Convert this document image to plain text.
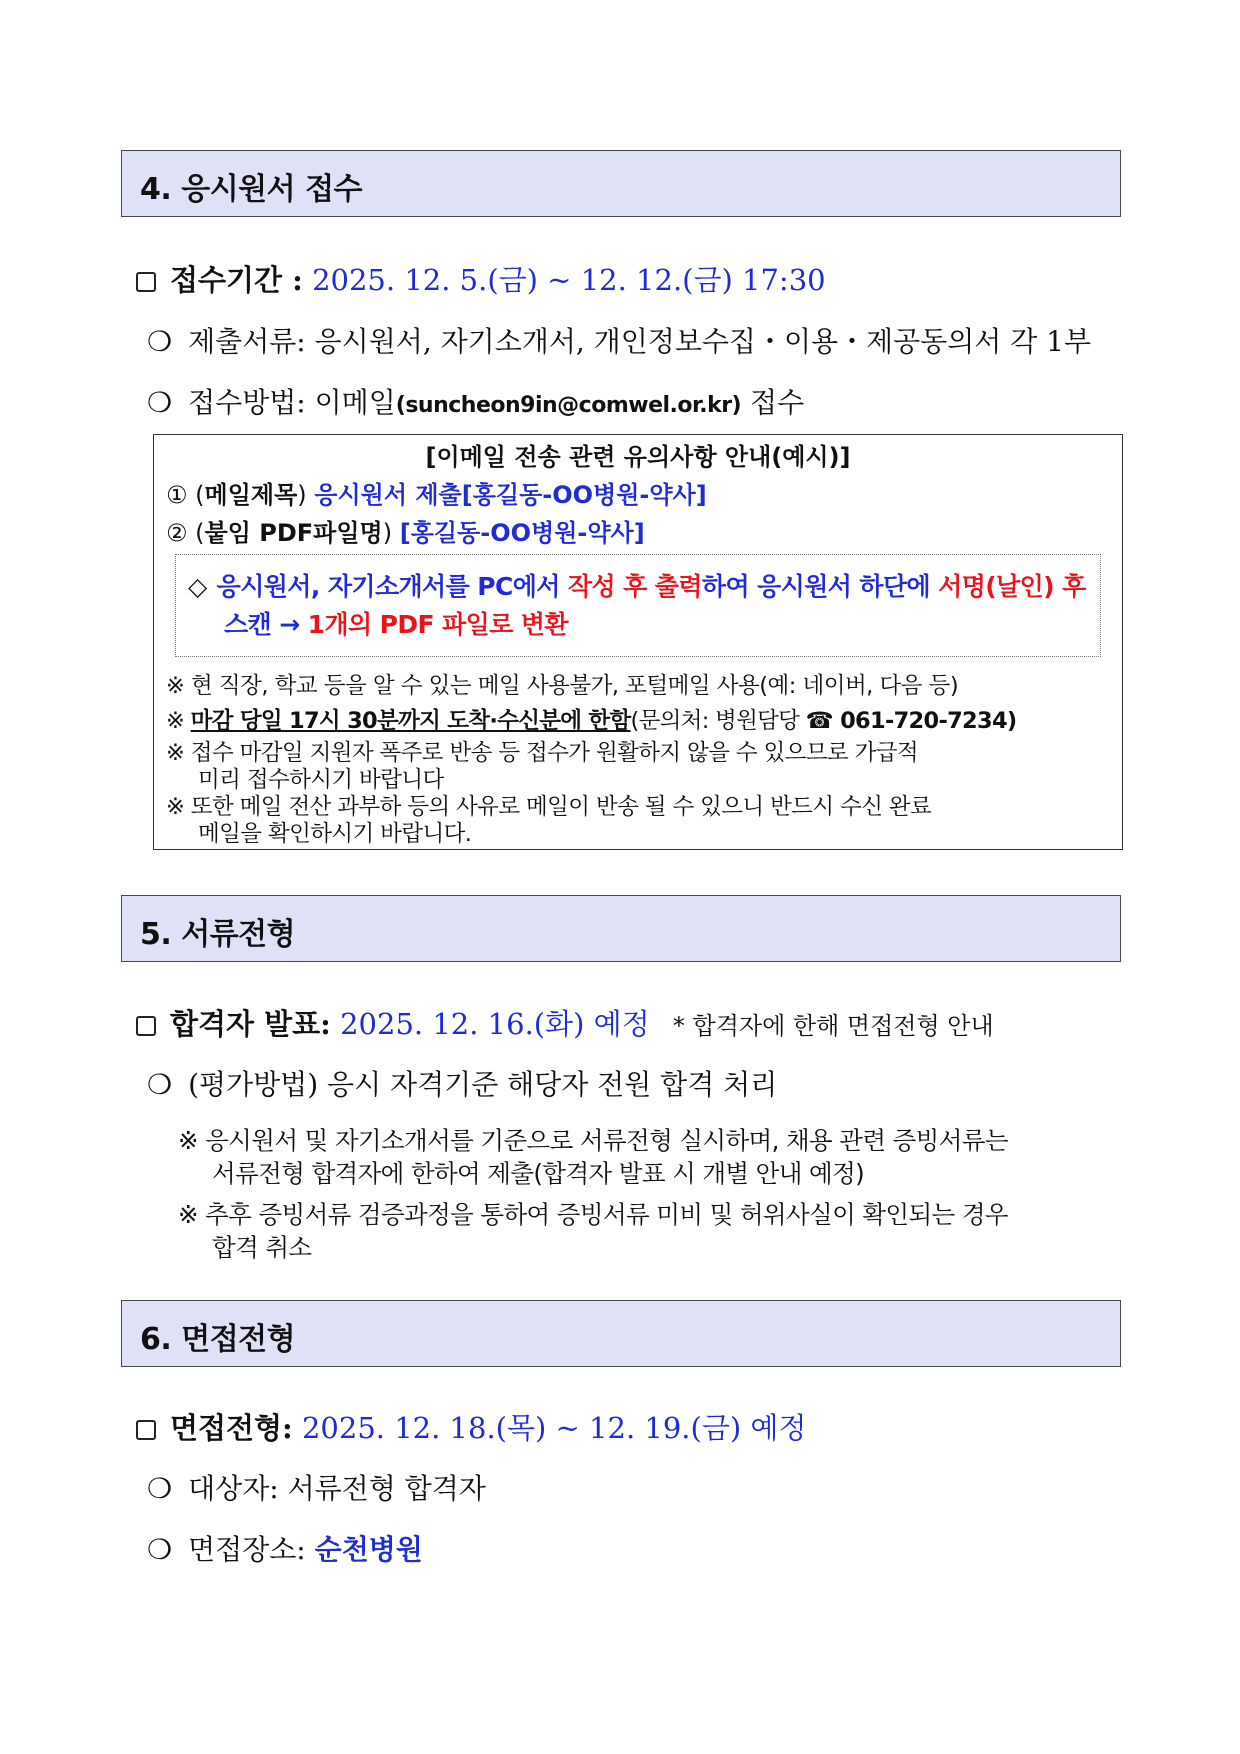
4. 응시원서 접수
접수기간 : 2025. 12. 5.(금) ~ 12. 12.(금) 17:30
❍ 제출서류: 응시원서, 자기소개서, 개인정보수집・이용・제공동의서 각 1부
❍ 접수방법: 이메일(suncheon9in@comwel.or.kr) 접수
[이메일 전송 관련 유의사항 안내(예시)]
① (메일제목) 응시원서 제출[홍길동-OO병원-약사]
② (붙임 PDF파일명) [홍길동-OO병원-약사]
◇ 응시원서, 자기소개서를 PC에서 작성 후 출력하여 응시원서 하단에 서명(날인) 후
스캔 → 1개의 PDF 파일로 변환
※ 현 직장, 학교 등을 알 수 있는 메일 사용불가, 포털메일 사용(예: 네이버, 다음 등)
※ 마감 당일 17시 30분까지 도착·수신분에 한함(문의처: 병원담당 ☎ 061-720-7234)
※ 접수 마감일 지원자 폭주로 반송 등 접수가 원활하지 않을 수 있으므로 가급적
미리 접수하시기 바랍니다
※ 또한 메일 전산 과부하 등의 사유로 메일이 반송 될 수 있으니 반드시 수신 완료
메일을 확인하시기 바랍니다.
5. 서류전형
합격자 발표: 2025. 12. 16.(화) 예정 * 합격자에 한해 면접전형 안내
❍ (평가방법) 응시 자격기준 해당자 전원 합격 처리
※ 응시원서 및 자기소개서를 기준으로 서류전형 실시하며, 채용 관련 증빙서류는
서류전형 합격자에 한하여 제출(합격자 발표 시 개별 안내 예정)
※ 추후 증빙서류 검증과정을 통하여 증빙서류 미비 및 허위사실이 확인되는 경우
합격 취소
6. 면접전형
면접전형: 2025. 12. 18.(목) ~ 12. 19.(금) 예정
❍ 대상자: 서류전형 합격자
❍ 면접장소: 순천병원
